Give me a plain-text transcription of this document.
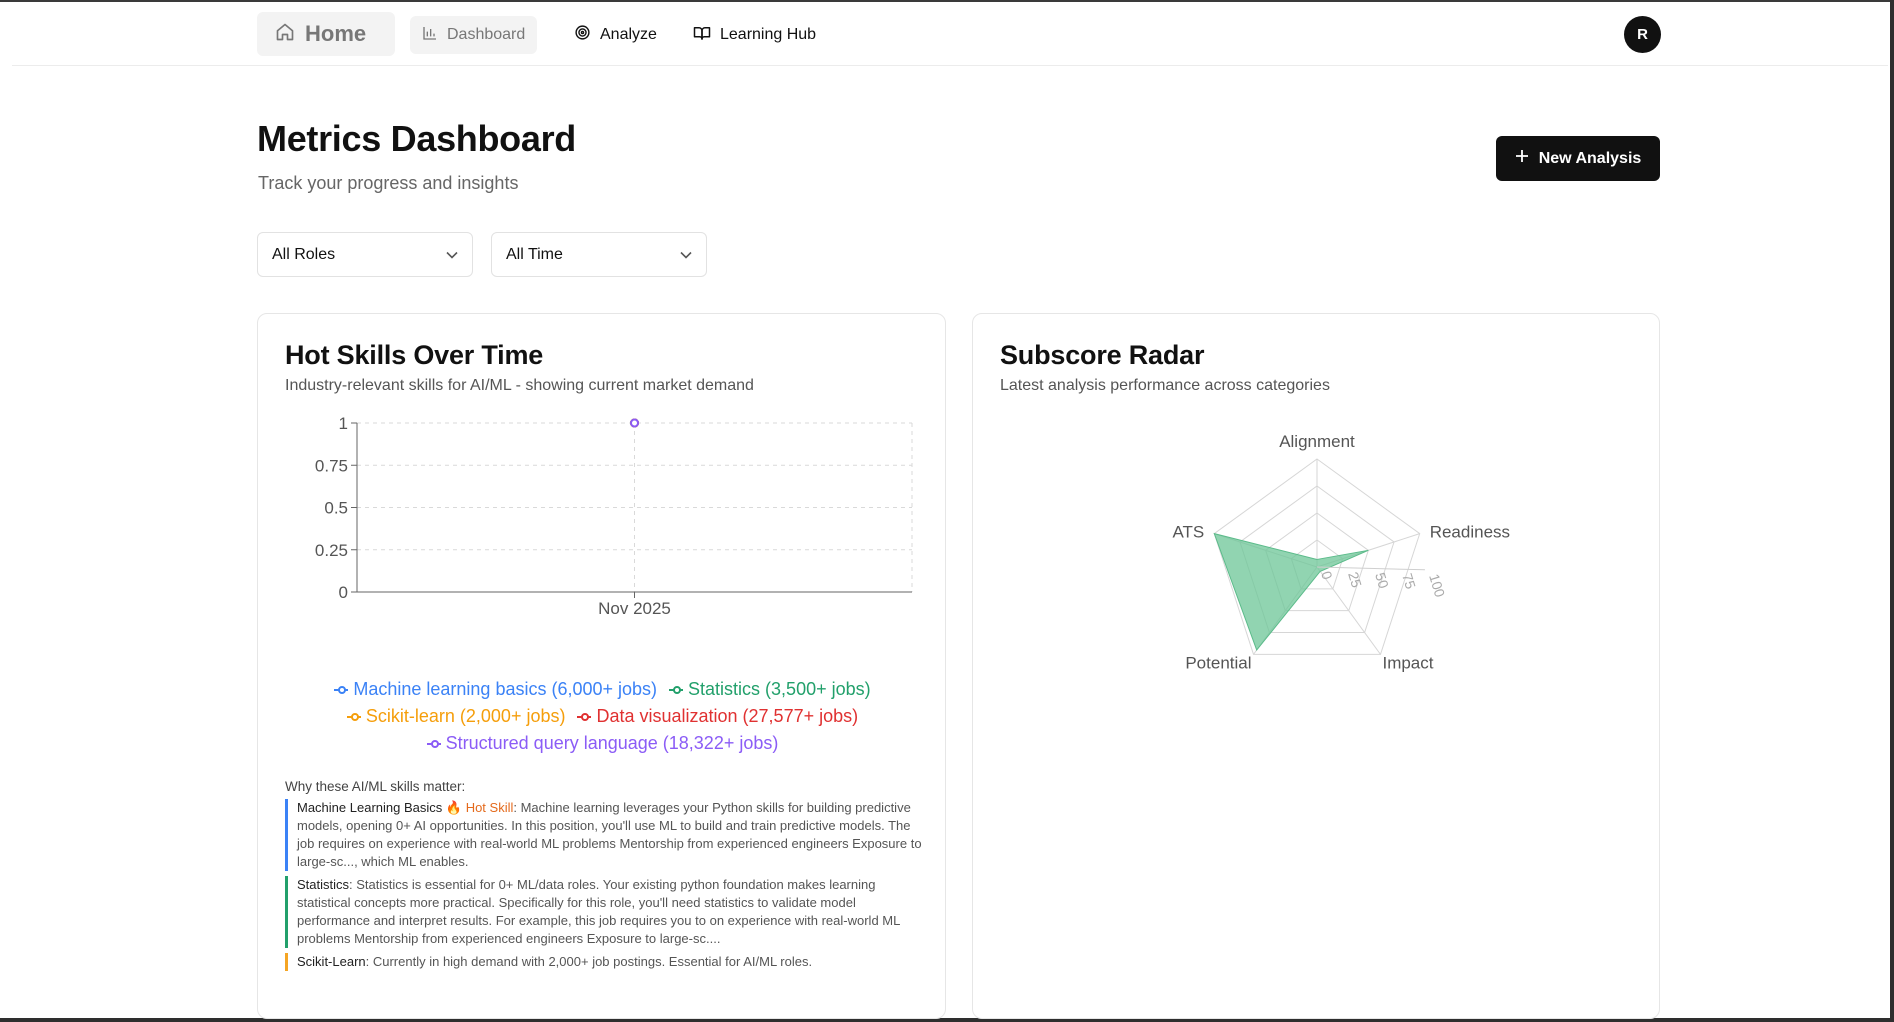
Home	Dashboard	Analyze	Learning Hub	R
Metrics Dashboard
Track your progress and insights
New Analysis
All Roles	All Time
Hot Skills Over Time
Industry-relevant skills for AI/ML - showing current market demand
0
0.25
0.5
0.75
1
Nov 2025
Machine learning basics (6,000+ jobs) Statistics (3,500+ jobs)
Scikit-learn (2,000+ jobs) Data visualization (27,577+ jobs)
Structured query language (18,322+ jobs)
Why these AI/ML skills matter:
Machine Learning Basics 🔥 Hot Skill: Machine learning leverages your Python skills for building predictive models, opening 0+ AI opportunities. In this position, you'll use ML to build and train predictive models. The job requires on experience with real-world ML problems Mentorship from experienced engineers Exposure to large-sc..., which ML enables.
Statistics: Statistics is essential for 0+ ML/data roles. Your existing python foundation makes learning statistical concepts more practical. Specifically for this role, you'll need statistics to validate model performance and interpret results. For example, this job requires you to on experience with real-world ML problems Mentorship from experienced engineers Exposure to large-sc....
Scikit-Learn: Currently in high demand with 2,000+ job postings. Essential for AI/ML roles.
Subscore Radar
Latest analysis performance across categories
0 25 50 75 100
Alignment
Readiness
Impact
Potential
ATS
